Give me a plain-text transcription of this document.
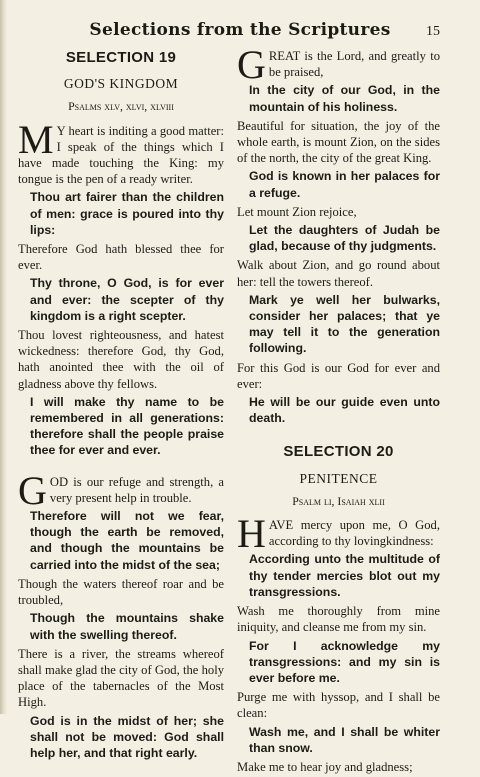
Selections from the Scriptures	15
SELECTION 19
GOD'S KINGDOM
Psalms xlv, xlvi, xlviii

M Y heart is inditing a good matter: I speak of the things which I have made touching the King: my tongue is the pen of a ready writer.

Thou art fairer than the children of men: grace is poured into thy lips:

Therefore God hath blessed thee for ever.

Thy throne, O God, is for ever and ever: the scepter of thy kingdom is a right scepter.

Thou lovest righteousness, and hatest wickedness: therefore God, thy God, hath anointed thee with the oil of gladness above thy fellows.

I will make thy name to be remembered in all generations: therefore shall the people praise thee for ever and ever.

GOD is our refuge and strength, a very present help in trouble.

Therefore will not we fear, though the earth be removed, and though the mountains be carried into the midst of the sea;

Though the waters thereof roar and be troubled,

Though the mountains shake with the swelling thereof.

There is a river, the streams whereof shall make glad the city of God, the holy place of the tabernacles of the Most High.

God is in the midst of her; she shall not be moved: God shall help her, and that right early.

GREAT is the Lord, and greatly to be praised,

In the city of our God, in the mountain of his holiness.

Beautiful for situation, the joy of the whole earth, is mount Zion, on the sides of the north, the city of the great King.

God is known in her palaces for a refuge.

Let mount Zion rejoice,

Let the daughters of Judah be glad, because of thy judgments.

Walk about Zion, and go round about her: tell the towers thereof.

Mark ye well her bulwarks, consider her palaces; that ye may tell it to the generation following.

For this God is our God for ever and ever:

He will be our guide even unto death.

SELECTION 20
PENITENCE
Psalm li, Isaiah xlii

HAVE mercy upon me, O God, according to thy lovingkindness:

According unto the multitude of thy tender mercies blot out my transgressions.

Wash me thoroughly from mine iniquity, and cleanse me from my sin.

For I acknowledge my transgressions: and my sin is ever before me.

Purge me with hyssop, and I shall be clean:

Wash me, and I shall be whiter than snow.

Make me to hear joy and gladness;
